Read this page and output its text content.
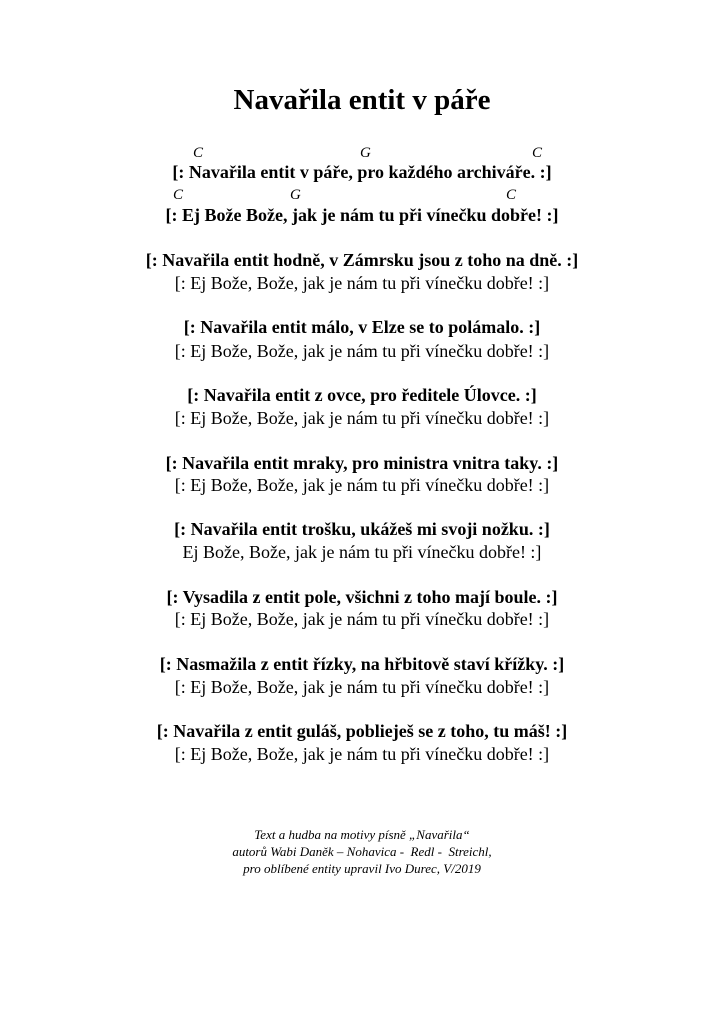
Navařila entit v páře
C	G	C
[: Navařila entit v páře, pro každého archiváře. :]
C	G	C
[: Ej Bože Bože, jak je nám tu při vínečku dobře! :]
[: Navařila entit hodně, v Zámrsku jsou z toho na dně. :]
[: Ej Bože, Bože, jak je nám tu při vínečku dobře! :]
[: Navařila entit málo, v Elze se to polámalo. :]
[: Ej Bože, Bože, jak je nám tu při vínečku dobře! :]
[: Navařila entit z ovce, pro ředitele Úlovce. :]
[: Ej Bože, Bože, jak je nám tu při vínečku dobře! :]
[: Navařila entit mraky, pro ministra vnitra taky. :]
[: Ej Bože, Bože, jak je nám tu při vínečku dobře! :]
[: Navařila entit trošku, ukážeš mi svoji nožku. :]
Ej Bože, Bože, jak je nám tu při vínečku dobře! :]
[: Vysadila z entit pole, všichni z toho mají boule. :]
[: Ej Bože, Bože, jak je nám tu při vínečku dobře! :]
[: Nasmažila z entit řízky, na hřbitově staví křížky. :]
[: Ej Bože, Bože, jak je nám tu při vínečku dobře! :]
[: Navařila z entit guláš, poblieješ se z toho, tu máš! :]
[: Ej Bože, Bože, jak je nám tu při vínečku dobře! :]
Text a hudba na motivy písně „Navařila“
autorů Wabi Daněk – Nohavica -  Redl -  Streichl,
pro oblíbené entity upravil Ivo Durec, V/2019
